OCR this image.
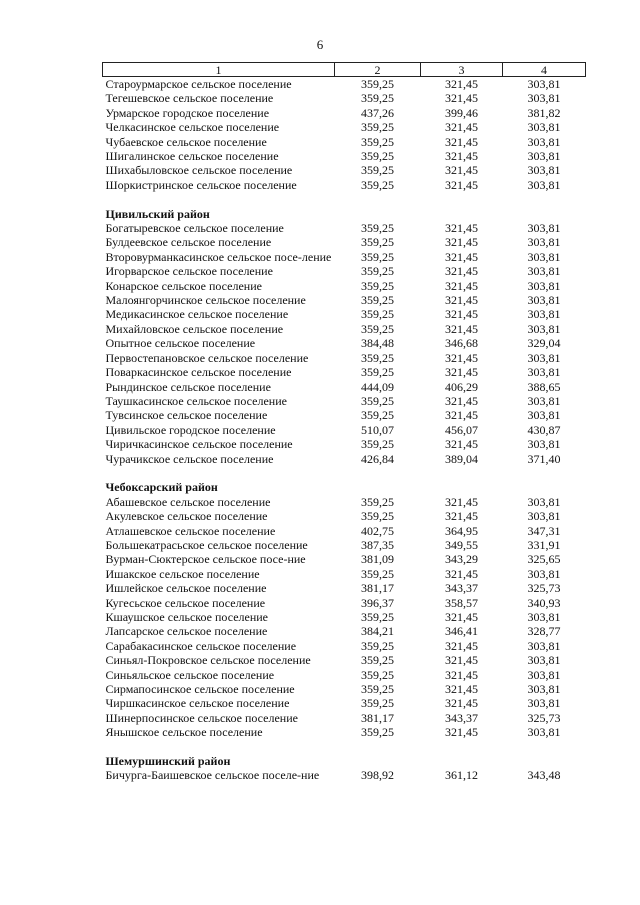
6
1	2	3	4
Староурмарское сельское поселение	359,25	321,45	303,81
Тегешевское сельское поселение	359,25	321,45	303,81
Урмарское городское поселение	437,26	399,46	381,82
Челкасинское сельское поселение	359,25	321,45	303,81
Чубаевское сельское поселение	359,25	321,45	303,81
Шигалинское сельское поселение	359,25	321,45	303,81
Шихабыловское сельское поселение	359,25	321,45	303,81
Шоркистринское сельское поселение	359,25	321,45	303,81

Цивильский район			
Богатыревское сельское поселение	359,25	321,45	303,81
Булдеевское сельское поселение	359,25	321,45	303,81
Второвурманкасинское сельское посе-ление	359,25	321,45	303,81
Игорварское сельское поселение	359,25	321,45	303,81
Конарское сельское поселение	359,25	321,45	303,81
Малоянгорчинское сельское поселение	359,25	321,45	303,81
Медикасинское сельское поселение	359,25	321,45	303,81
Михайловское сельское поселение	359,25	321,45	303,81
Опытное сельское поселение	384,48	346,68	329,04
Первостепановское сельское поселение	359,25	321,45	303,81
Поваркасинское сельское поселение	359,25	321,45	303,81
Рындинское сельское поселение	444,09	406,29	388,65
Таушкасинское сельское поселение	359,25	321,45	303,81
Тувсинское сельское поселение	359,25	321,45	303,81
Цивильское городское поселение	510,07	456,07	430,87
Чиричкасинское сельское поселение	359,25	321,45	303,81
Чурачикское сельское поселение	426,84	389,04	371,40

Чебоксарский район			
Абашевское сельское поселение	359,25	321,45	303,81
Акулевское сельское поселение	359,25	321,45	303,81
Атлашевское сельское поселение	402,75	364,95	347,31
Большекатрасьское сельское поселение	387,35	349,55	331,91
Вурман-Сюктерское сельское посе-ние	381,09	343,29	325,65
Ишакское сельское поселение	359,25	321,45	303,81
Ишлейское сельское поселение	381,17	343,37	325,73
Кугесьское сельское поселение	396,37	358,57	340,93
Кшаушское сельское поселение	359,25	321,45	303,81
Лапсарское сельское поселение	384,21	346,41	328,77
Сарабакасинское сельское поселение	359,25	321,45	303,81
Синьял-Покровское сельское поселение	359,25	321,45	303,81
Синьяльское сельское поселение	359,25	321,45	303,81
Сирмапосинское сельское поселение	359,25	321,45	303,81
Чиршкасинское сельское поселение	359,25	321,45	303,81
Шинерпосинское сельское поселение	381,17	343,37	325,73
Янышское сельское поселение	359,25	321,45	303,81

Шемуршинский район			
Бичурга-Баишевское сельское поселе-ние	398,92	361,12	343,48
